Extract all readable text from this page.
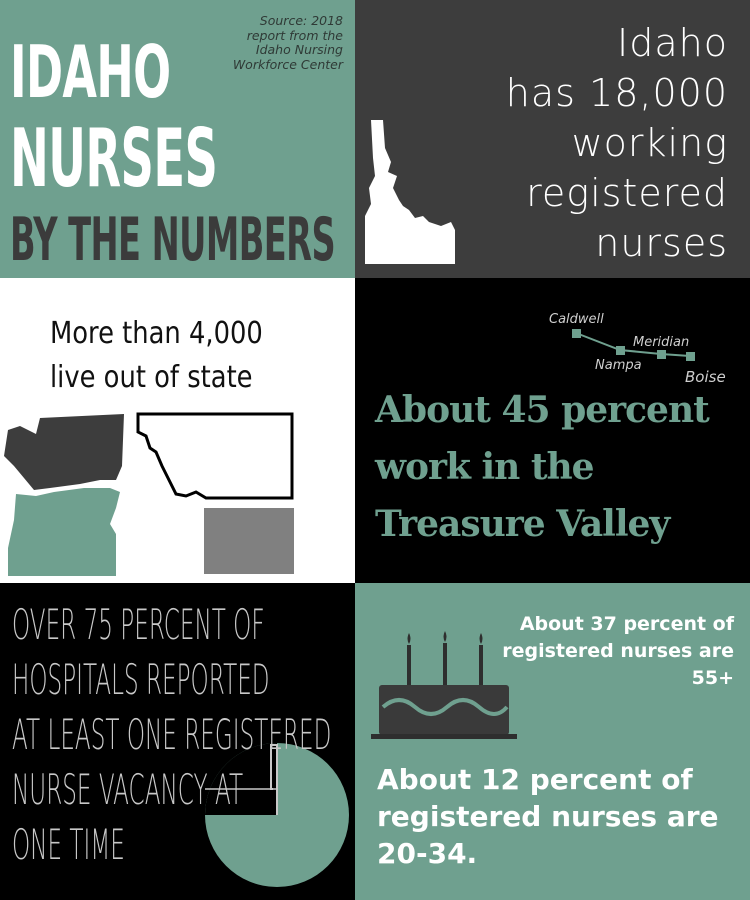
IDAHO
NURSES
BY THE NUMBERS
Source: 2018
report from the
Idaho Nursing
Workforce Center	Idaho
has 18,000
working
registered
nurses
More than 4,000
live out of state
Caldwell
Meridian
Nampa
Boise
About 45 percent
work in the
Treasure Valley
OVER 75 PERCENT OF
HOSPITALS REPORTED
AT LEAST ONE REGISTERED
NURSE VACANCY AT
ONE TIME
About 37 percent of
registered nurses are
55+
About 12 percent of
registered nurses are
20-34.
